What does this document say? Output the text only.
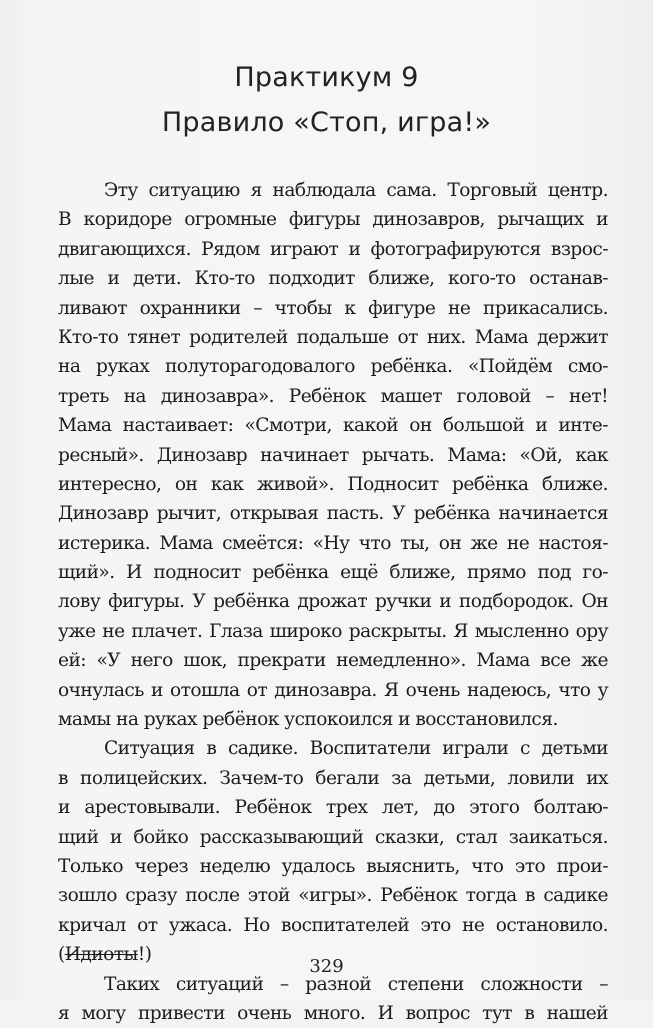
Практикум 9
Правило «Стоп, игра!»
Эту ситуацию я наблюдала сама. Торговый центр.
В коридоре огромные фигуры динозавров, рычащих и
двигающихся. Рядом играют и фотографируются взрос-
лые и дети. Кто-то подходит ближе, кого-то останав-
ливают охранники – чтобы к фигуре не прикасались.
Кто-то тянет родителей подальше от них. Мама держит
на руках полуторагодовалого ребёнка. «Пойдём смо-
треть на динозавра». Ребёнок машет головой – нет!
Мама настаивает: «Смотри, какой он большой и инте-
ресный». Динозавр начинает рычать. Мама: «Ой, как
интересно, он как живой». Подносит ребёнка ближе.
Динозавр рычит, открывая пасть. У ребёнка начинается
истерика. Мама смеётся: «Ну что ты, он же не настоя-
щий». И подносит ребёнка ещё ближе, прямо под го-
лову фигуры. У ребёнка дрожат ручки и подбородок. Он
уже не плачет. Глаза широко раскрыты. Я мысленно ору
ей: «У него шок, прекрати немедленно». Мама все же
очнулась и отошла от динозавра. Я очень надеюсь, что у
мамы на руках ребёнок успокоился и восстановился.
Ситуация в садике. Воспитатели играли с детьми
в полицейских. Зачем-то бегали за детьми, ловили их
и арестовывали. Ребёнок трех лет, до этого болтаю-
щий и бойко рассказывающий сказки, стал заикаться.
Только через неделю удалось выяснить, что это прои-
зошло сразу после этой «игры». Ребёнок тогда в садике
кричал от ужаса. Но воспитателей это не остановило.
(Идиоты!)
Таких ситуаций – разной степени сложности –
я могу привести очень много. И вопрос тут в нашей
329
